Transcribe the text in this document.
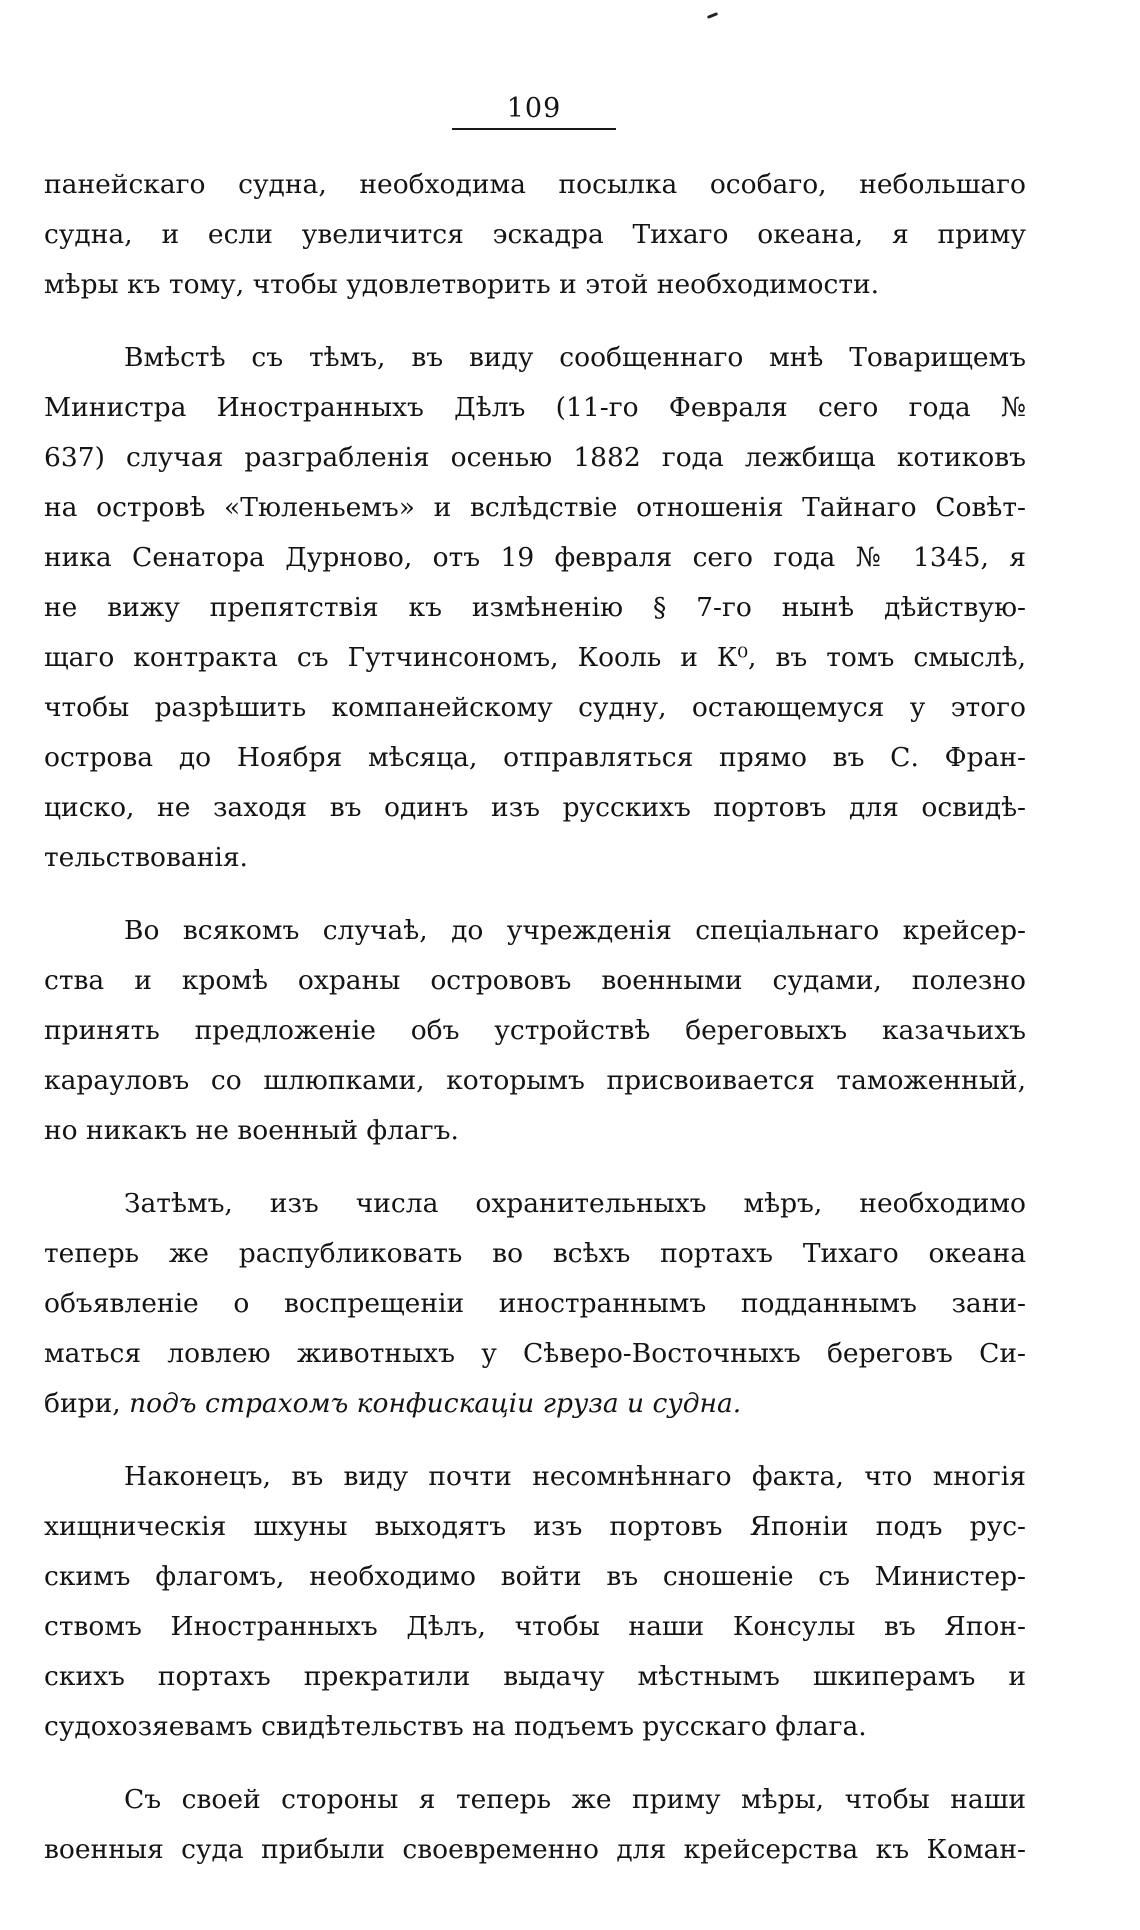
109
панейскаго судна, необходима посылка особаго, небольшаго
судна, и если увеличится эскадра Тихаго океана, я приму
мѣры къ тому, чтобы удовлетворить и этой необходимости.
Вмѣстѣ съ тѣмъ, въ виду сообщеннаго мнѣ Товарищемъ
Министра Иностранныхъ Дѣлъ (11-го Февраля сего года №
637) случая разграбленія осенью 1882 года лежбища котиковъ
на островѣ «Тюленьемъ» и вслѣдствіе отношенія Тайнаго Совѣт-
ника Сенатора Дурново, отъ 19 февраля сего года № 1345, я
не вижу препятствія къ измѣненію § 7-го нынѣ дѣйствую-
щаго контракта съ Гутчинсономъ, Кооль и К⁰, въ томъ смыслѣ,
чтобы разрѣшить компанейскому судну, остающемуся у этого
острова до Ноября мѣсяца, отправляться прямо въ С. Фран-
циско, не заходя въ одинъ изъ русскихъ портовъ для освидѣ-
тельствованія.
Во всякомъ случаѣ, до учрежденія спеціальнаго крейсер-
ства и кромѣ охраны острововъ военными судами, полезно
принять предложеніе объ устройствѣ береговыхъ казачьихъ
карауловъ со шлюпками, которымъ присвоивается таможенный,
но никакъ не военный флагъ.
Затѣмъ, изъ числа охранительныхъ мѣръ, необходимо
теперь же распубликовать во всѣхъ портахъ Тихаго океана
объявленіе о воспрещеніи иностраннымъ подданнымъ зани-
маться ловлею животныхъ у Сѣверо-Восточныхъ береговъ Си-
бири, подъ страхомъ конфискаціи груза и судна.
Наконецъ, въ виду почти несомнѣннаго факта, что многія
хищническія шхуны выходятъ изъ портовъ Японіи подъ рус-
скимъ флагомъ, необходимо войти въ сношеніе съ Министер-
ствомъ Иностранныхъ Дѣлъ, чтобы наши Консулы въ Япон-
скихъ портахъ прекратили выдачу мѣстнымъ шкиперамъ и
судохозяевамъ свидѣтельствъ на подъемъ русскаго флага.
Съ своей стороны я теперь же приму мѣры, чтобы наши
военныя суда прибыли своевременно для крейсерства къ Коман-
